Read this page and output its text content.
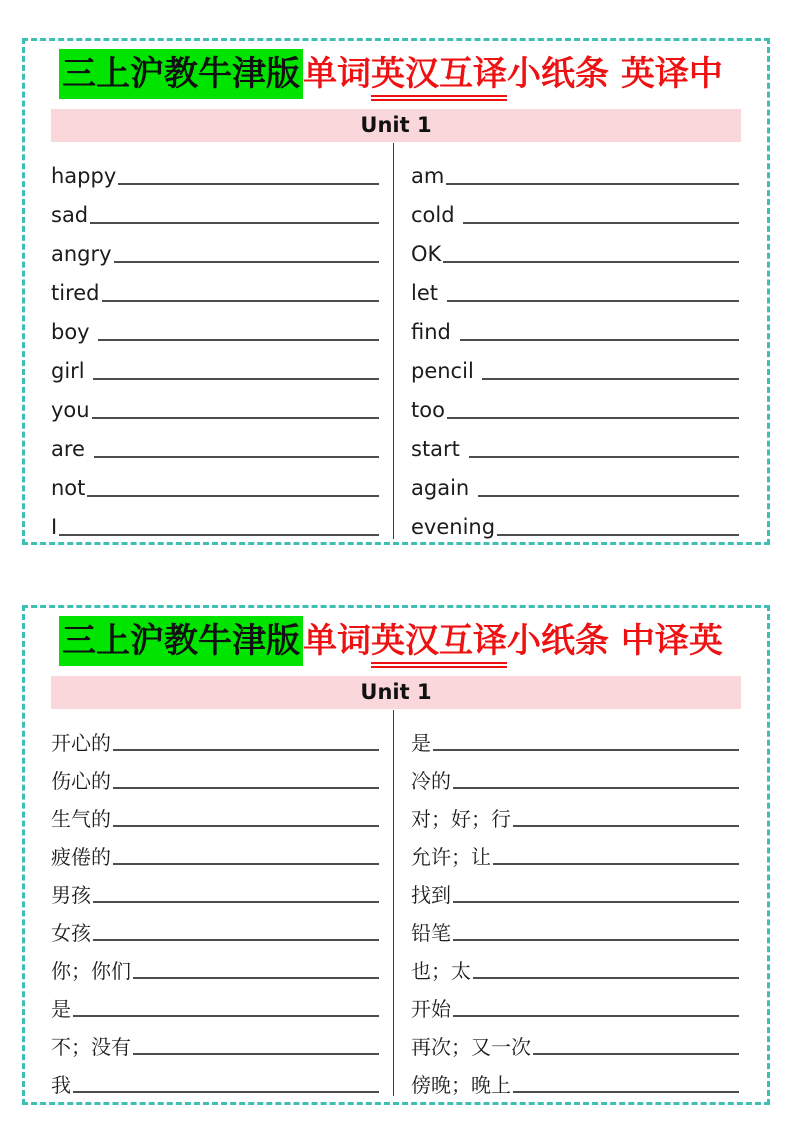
三上沪教牛津版单词英汉互译小纸条 英译中
Unit 1
happy
sad
angry
tired
boy
girl
you
are
not
I
am
cold
OK
let
find
pencil
too
start
again
evening
三上沪教牛津版单词英汉互译小纸条 中译英
Unit 1
开心的
伤心的
生气的
疲倦的
男孩
女孩
你；你们
是
不；没有
我
是
冷的
对；好；行
允许；让
找到
铅笔
也；太
开始
再次；又一次
傍晚；晚上
